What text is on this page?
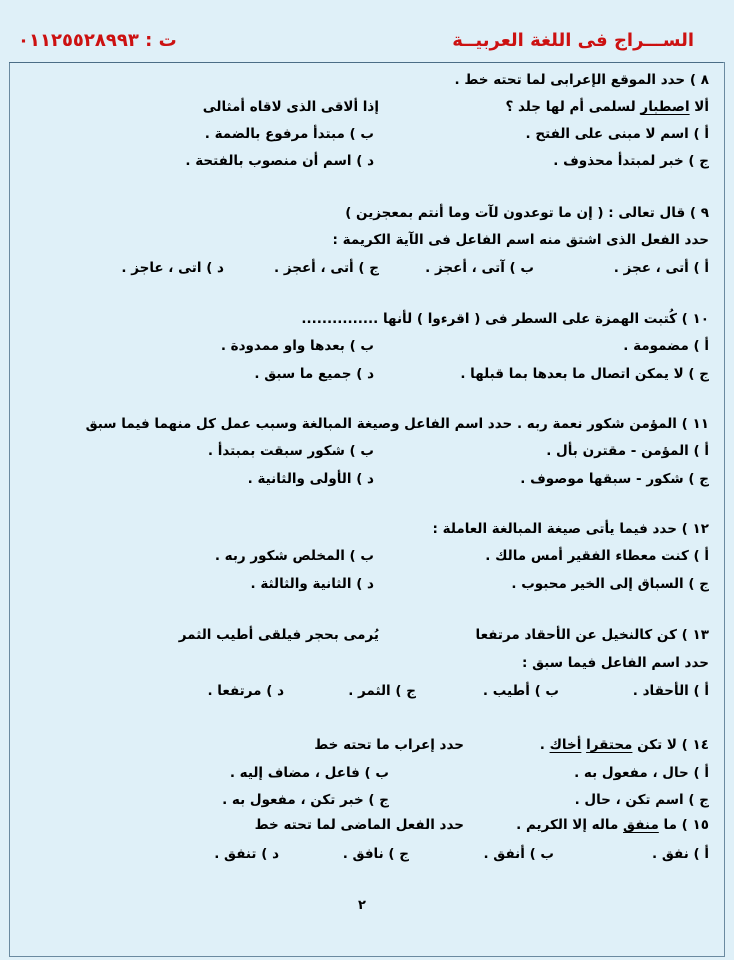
الســـراج فى اللغة العربيــة
ت : ٠١١٢٥٥٢٨٩٩٣
٨ ) حدد الموقع الإعرابى لما تحته خط .
ألا اصطبار لسلمى أم لها جلد ؟
إذا ألاقى الذى لاقاه أمثالى
أ ) اسم لا مبنى على الفتح .
ب ) مبتدأ مرفوع بالضمة .
ج ) خبر لمبتدأ محذوف .
د ) اسم أن منصوب بالفتحة .
٩ ) قال تعالى : ( إن ما توعدون لآت وما أنتم بمعجزين )
حدد الفعل الذى اشتق منه اسم الفاعل فى الآية الكريمة :
أ ) أتى ، عجز .
ب ) آتى ، أعجز .
ج ) أتى ، أعجز .
د ) اتى ، عاجز .
١٠ ) كُتبت الهمزة على السطر فى ( اقرءوا ) لأنها ...............
أ ) مضمومة .
ب ) بعدها واو ممدودة .
ج ) لا يمكن اتصال ما بعدها بما قبلها .
د ) جميع ما سبق .
١١ ) المؤمن شكور نعمة ربه . حدد اسم الفاعل وصيغة المبالغة وسبب عمل كل منهما فيما سبق
أ ) المؤمن - مقترن بأل .
ب ) شكور سبقت بمبتدأ .
ج ) شكور - سبقها موصوف .
د ) الأولى والثانية .
١٢ ) حدد فيما يأتى صيغة المبالغة العاملة :
أ ) كنت معطاء الفقير أمس مالك .
ب ) المخلص شكور ربه .
ج ) السباق إلى الخير محبوب .
د ) الثانية والثالثة .
١٣ ) كن كالنخيل عن الأحقاد مرتفعا
يُرمى بحجر فيلقى أطيب الثمر
حدد اسم الفاعل فيما سبق :
أ ) الأحقاد .
ب ) أطيب .
ج ) الثمر .
د ) مرتفعا .
١٤ ) لا تكن محتقرا أخاك .
حدد إعراب ما تحته خط
أ ) حال ، مفعول به .
ب ) فاعل ، مضاف إليه .
ج ) اسم تكن ، حال .
ج ) خبر تكن ، مفعول به .
١٥ ) ما منفق ماله إلا الكريم .
حدد الفعل الماضى لما تحته خط
أ ) نفق .
ب ) أنفق .
ج ) نافق .
د ) تنفق .
٢
